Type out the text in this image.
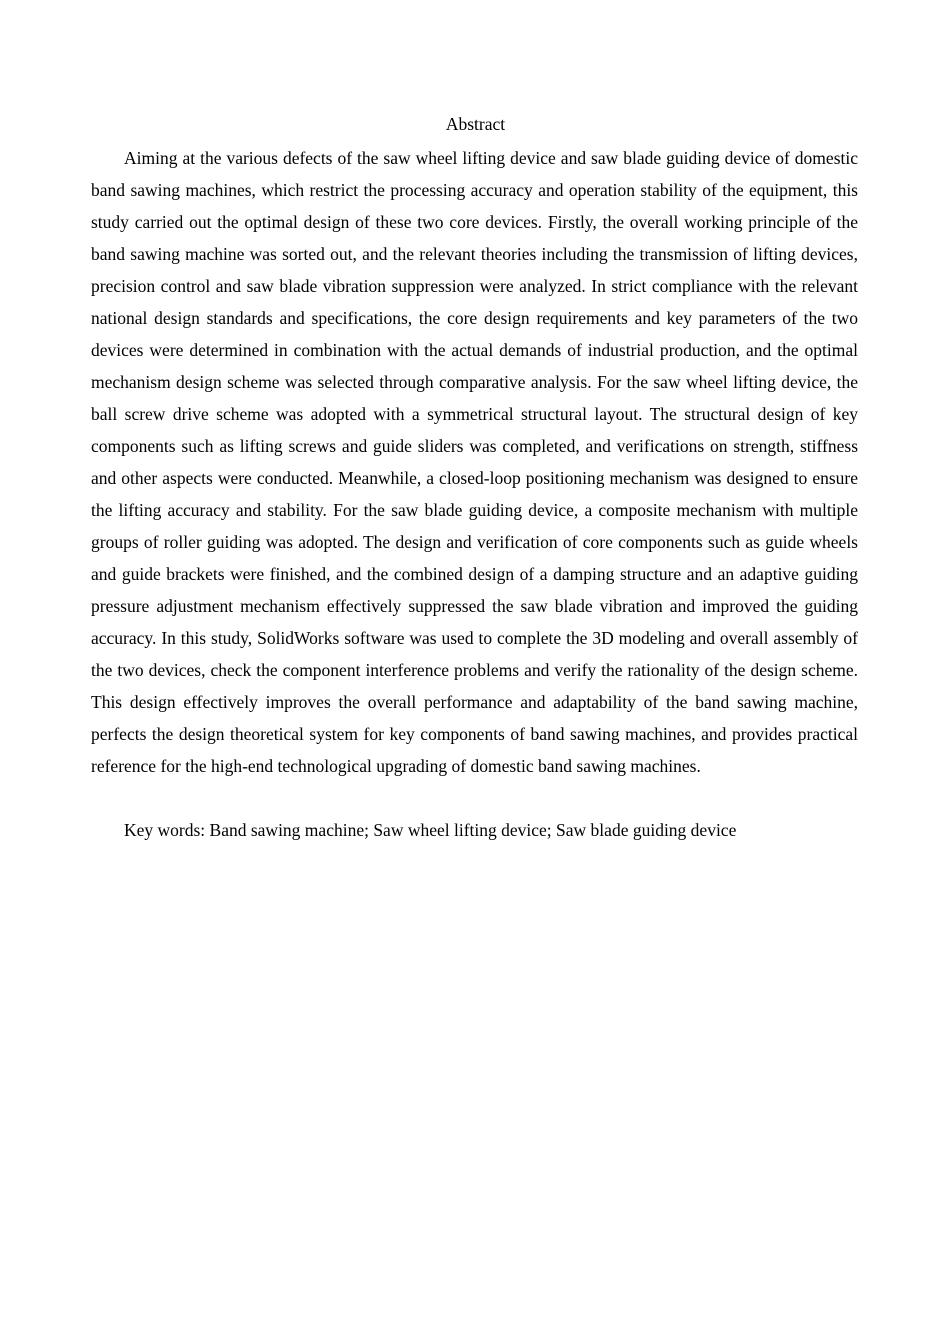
Abstract

Aiming at the various defects of the saw wheel lifting device and saw blade guiding device of domestic band sawing machines, which restrict the processing accuracy and operation stability of the equipment, this study carried out the optimal design of these two core devices. Firstly, the overall working principle of the band sawing machine was sorted out, and the relevant theories including the transmission of lifting devices, precision control and saw blade vibration suppression were analyzed. In strict compliance with the relevant national design standards and specifications, the core design requirements and key parameters of the two devices were determined in combination with the actual demands of industrial production, and the optimal mechanism design scheme was selected through comparative analysis. For the saw wheel lifting device, the ball screw drive scheme was adopted with a symmetrical structural layout. The structural design of key components such as lifting screws and guide sliders was completed, and verifications on strength, stiffness and other aspects were conducted. Meanwhile, a closed-loop positioning mechanism was designed to ensure the lifting accuracy and stability. For the saw blade guiding device, a composite mechanism with multiple groups of roller guiding was adopted. The design and verification of core components such as guide wheels and guide brackets were finished, and the combined design of a damping structure and an adaptive guiding pressure adjustment mechanism effectively suppressed the saw blade vibration and improved the guiding accuracy. In this study, SolidWorks software was used to complete the 3D modeling and overall assembly of the two devices, check the component interference problems and verify the rationality of the design scheme. This design effectively improves the overall performance and adaptability of the band sawing machine, perfects the design theoretical system for key components of band sawing machines, and provides practical reference for the high-end technological upgrading of domestic band sawing machines.

Key words: Band sawing machine; Saw wheel lifting device; Saw blade guiding device
